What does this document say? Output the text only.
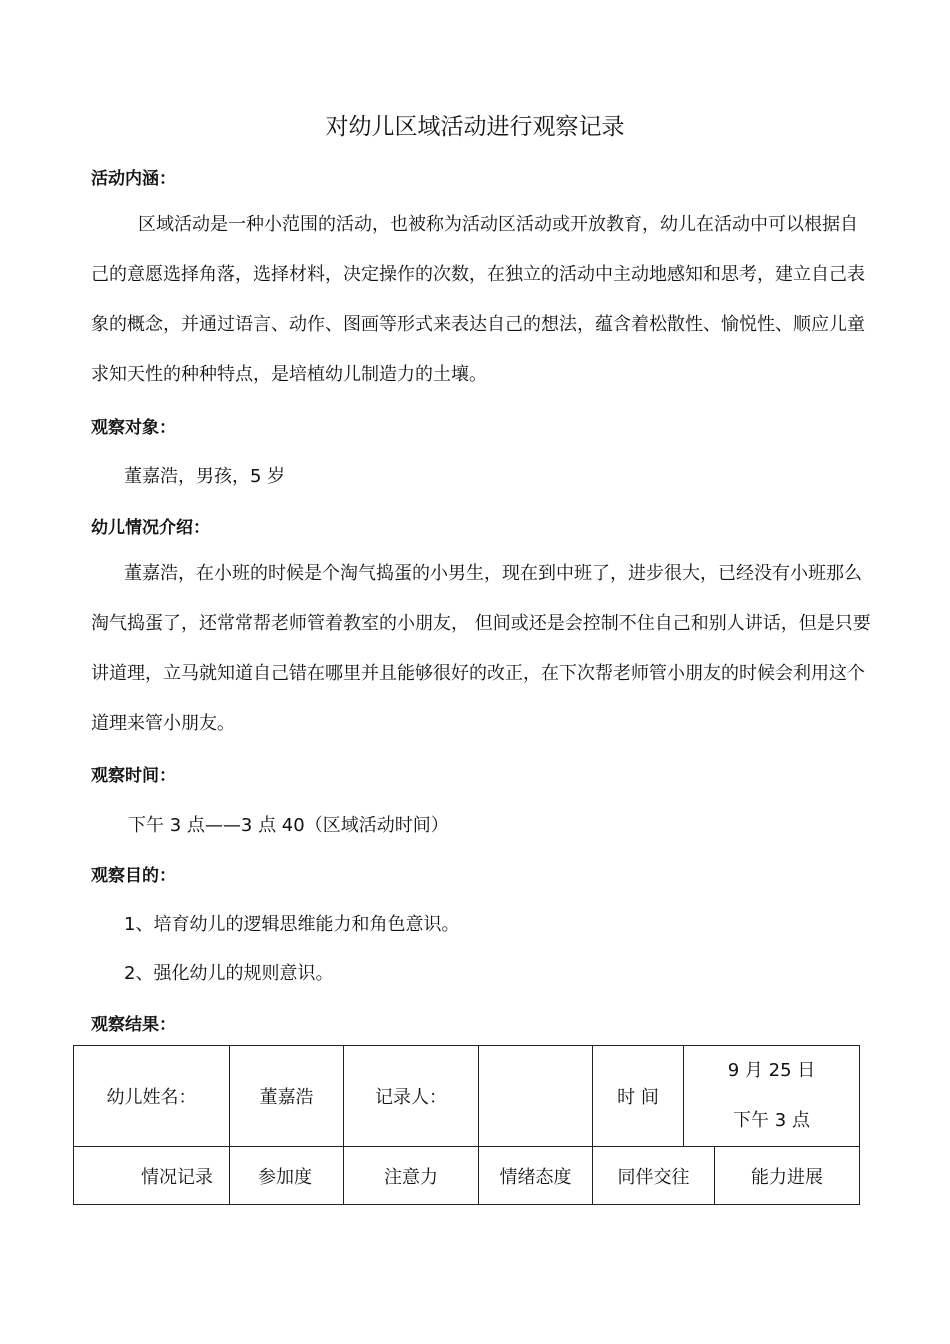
对幼儿区域活动进行观察记录
活动内涵：
区域活动是一种小范围的活动，也被称为活动区活动或开放教育，幼儿在活动中可以根据自己的意愿选择角落，选择材料，决定操作的次数，在独立的活动中主动地感知和思考，建立自己表象的概念，并通过语言、动作、图画等形式来表达自己的想法，蕴含着松散性、愉悦性、顺应儿童求知天性的种种特点，是培植幼儿制造力的土壤。
观察对象：
董嘉浩，男孩，5 岁
幼儿情况介绍：
董嘉浩，在小班的时候是个淘气捣蛋的小男生，现在到中班了，进步很大，已经没有小班那么淘气捣蛋了，还常常帮老师管着教室的小朋友， 但间或还是会控制不住自己和别人讲话，但是只要讲道理，立马就知道自己错在哪里并且能够很好的改正，在下次帮老师管小朋友的时候会利用这个道理来管小朋友。
观察时间：
下午 3 点——3 点 40（区域活动时间）
观察目的：
1、培育幼儿的逻辑思维能力和角色意识。
2、强化幼儿的规则意识。
观察结果：
幼儿姓名：	董嘉浩	记录人：		时 间	9 月 25 日
下午 3 点	

情况记录	参加度	注意力	情绪态度	同伴交往		能力进展
